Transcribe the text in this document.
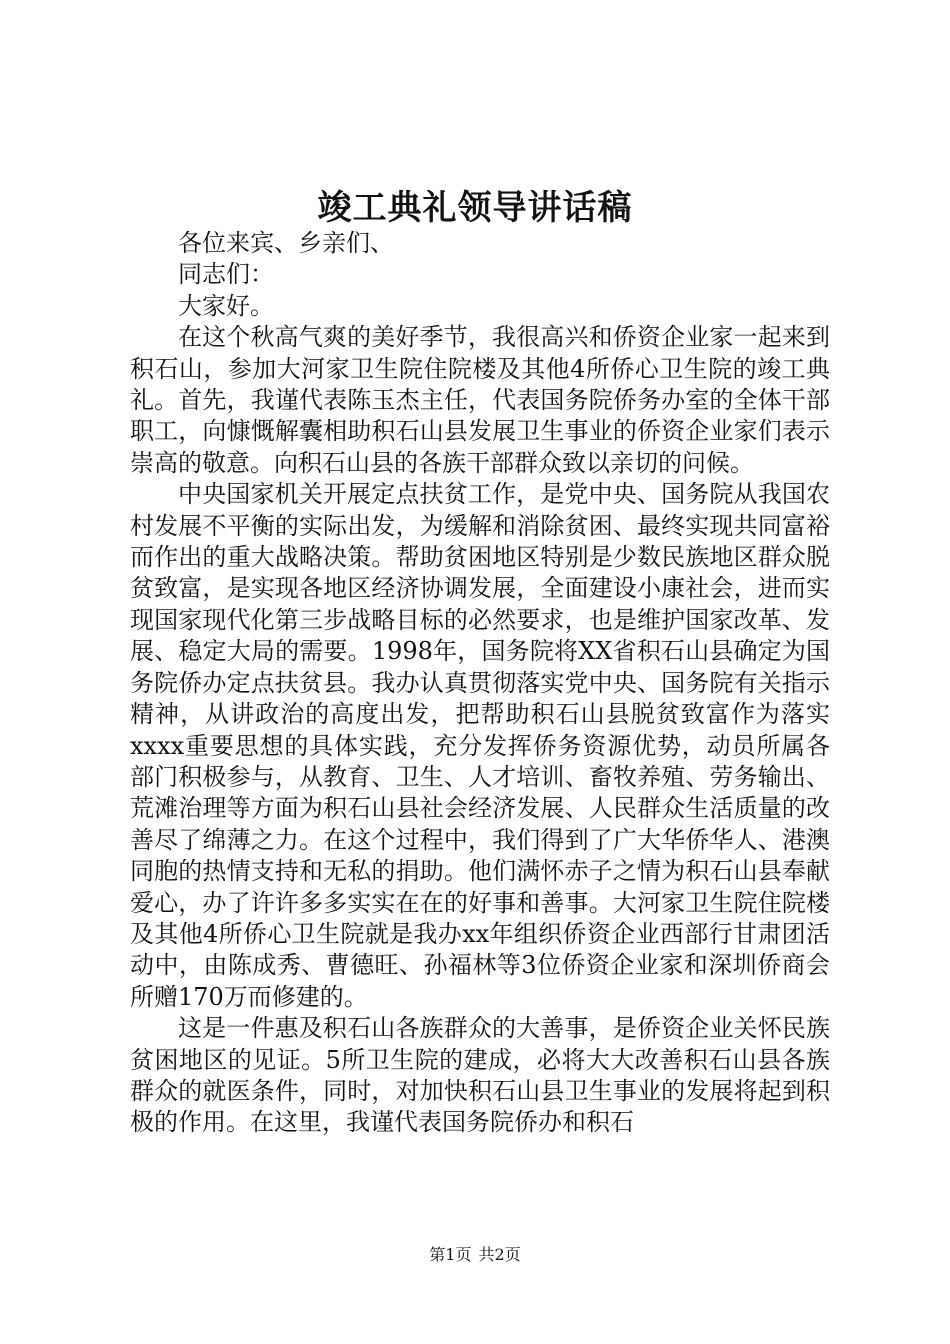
竣工典礼领导讲话稿

各位来宾、乡亲们、

同志们：

大家好。

在这个秋高气爽的美好季节，我很高兴和侨资企业家一起来到积石山，参加大河家卫生院住院楼及其他4所侨心卫生院的竣工典礼。首先，我谨代表陈玉杰主任，代表国务院侨务办室的全体干部职工，向慷慨解囊相助积石山县发展卫生事业的侨资企业家们表示崇高的敬意。向积石山县的各族干部群众致以亲切的问候。

中央国家机关开展定点扶贫工作，是党中央、国务院从我国农村发展不平衡的实际出发，为缓解和消除贫困、最终实现共同富裕而作出的重大战略决策。帮助贫困地区特别是少数民族地区群众脱贫致富，是实现各地区经济协调发展，全面建设小康社会，进而实现国家现代化第三步战略目标的必然要求，也是维护国家改革、发展、稳定大局的需要。1998年，国务院将XX省积石山县确定为国务院侨办定点扶贫县。我办认真贯彻落实党中央、国务院有关指示精神，从讲政治的高度出发，把帮助积石山县脱贫致富作为落实xxxx重要思想的具体实践，充分发挥侨务资源优势，动员所属各部门积极参与，从教育、卫生、人才培训、畜牧养殖、劳务输出、荒滩治理等方面为积石山县社会经济发展、人民群众生活质量的改善尽了绵薄之力。在这个过程中，我们得到了广大华侨华人、港澳同胞的热情支持和无私的捐助。他们满怀赤子之情为积石山县奉献爱心，办了许许多多实实在在的好事和善事。大河家卫生院住院楼及其他4所侨心卫生院就是我办xx年组织侨资企业西部行甘肃团活动中，由陈成秀、曹德旺、孙福林等3位侨资企业家和深圳侨商会所赠170万而修建的。

这是一件惠及积石山各族群众的大善事，是侨资企业关怀民族贫困地区的见证。5所卫生院的建成，必将大大改善积石山县各族群众的就医条件，同时，对加快积石山县卫生事业的发展将起到积极的作用。在这里，我谨代表国务院侨办和积石

第1页 共2页
